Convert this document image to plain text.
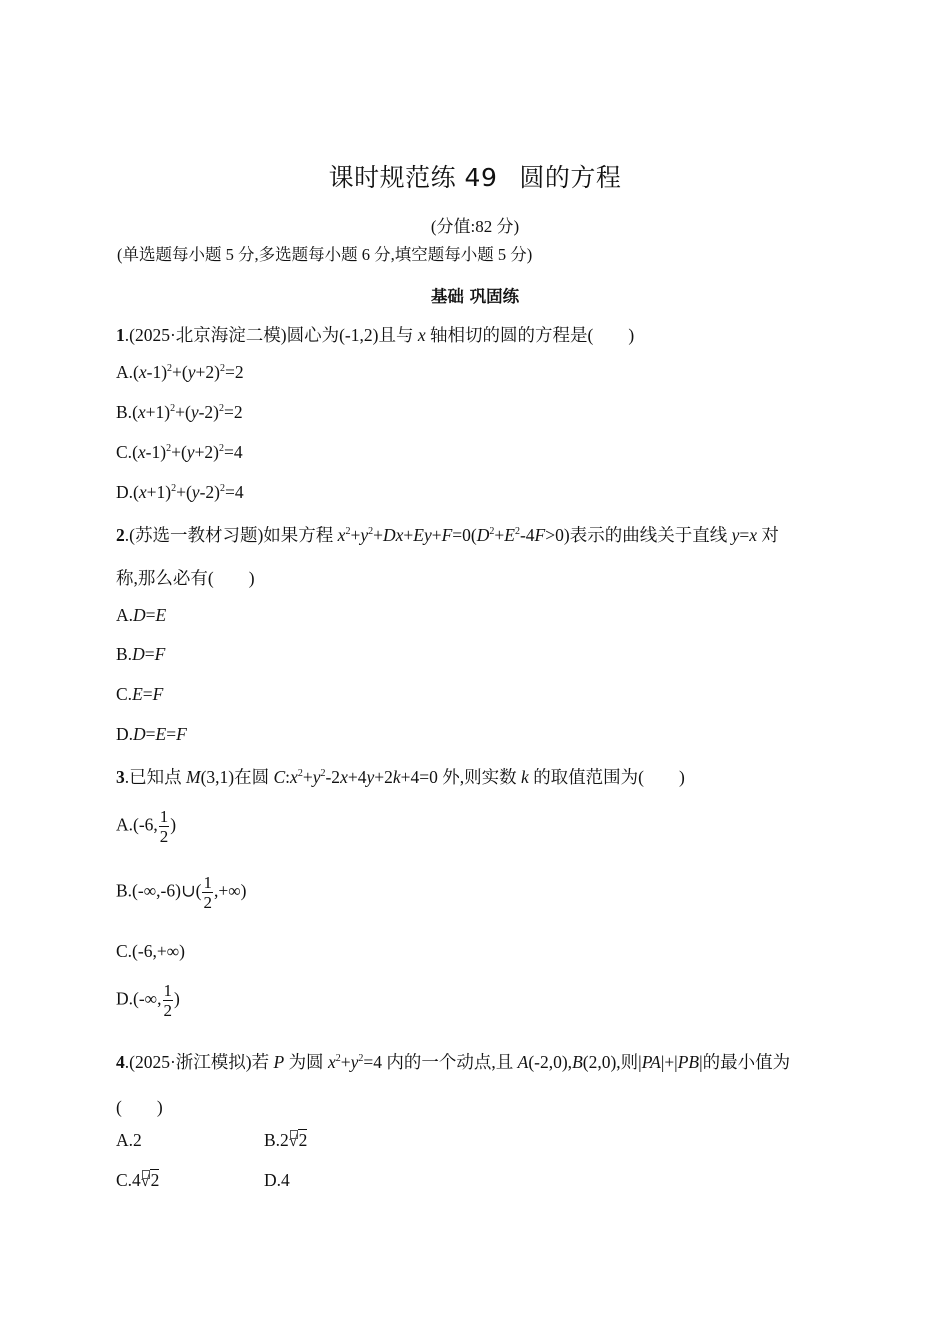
课时规范练 49 圆的方程
(分值:82 分)
(单选题每小题 5 分,多选题每小题 6 分,填空题每小题 5 分)
基础 巩固练
1.(2025·北京海淀二模)圆心为(-1,2)且与 x 轴相切的圆的方程是(　　)
$A.(x-1)^2+(y+2)^2=2$
$B.(x+1)^2+(y-2)^2=2$
$C.(x-1)^2+(y+2)^2=4$
$D.(x+1)^2+(y-2)^2=4$
2.(苏选一教材习题)如果方程 $x^2+y^2+Dx+Ey+F=0(D^2+E^2-4F>0)$表示的曲线关于直线 y=x 对
称,那么必有(　　)
A.D=E
B.D=F
C.E=F
D.D=E=F
3.已知点 M(3,1)在圆 $C:x^2+y^2-2x+4y+2k+4=0$ 外,则实数 k 的取值范围为(　　)
A.(-6, $\frac{1}{2}$ )
B.(-∞,-6)∪( $\frac{1}{2}$ ,+∞)
C.(-6,+∞)
D.(-∞, $\frac{1}{2}$ )
4.(2025·浙江模拟)若 P 为圆 $x^2+y^2=4$ 内的一个动点,且 A(-2,0),B(2,0),则|PA|+|PB|的最小值为
(　　)
A.2	B.2
√2
C.4
√2	D.4
